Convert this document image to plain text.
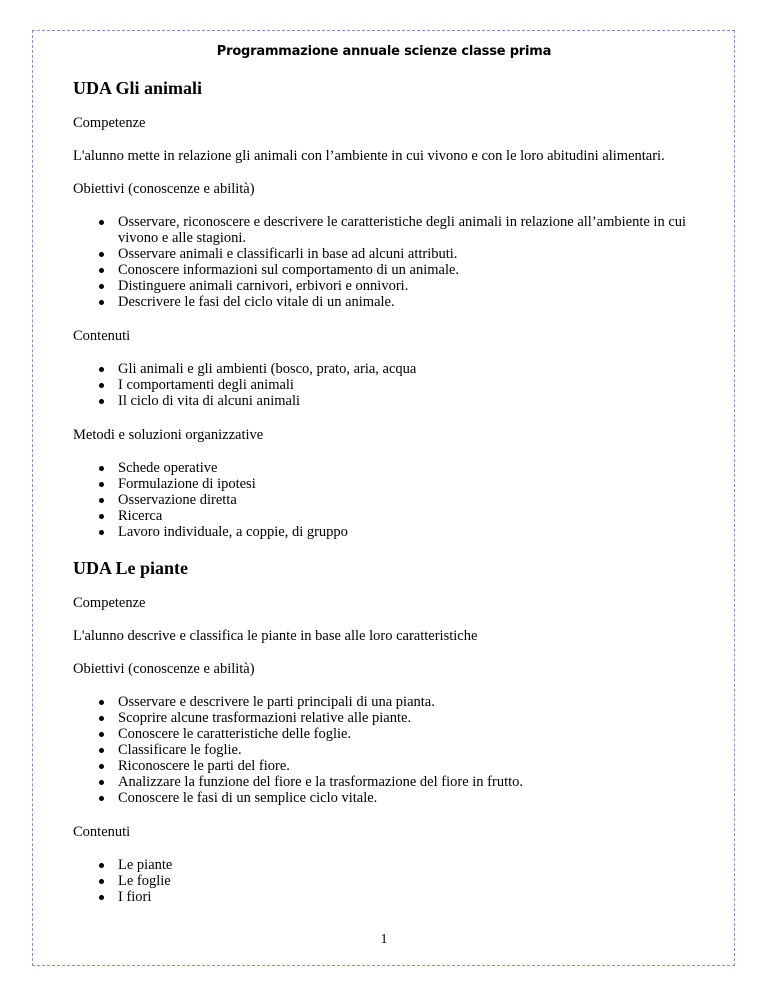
Programmazione annuale scienze classe prima
UDA Gli animali

Competenze

L'alunno mette in relazione gli animali con l’ambiente in cui vivono e con le loro abitudini alimentari.

Obiettivi (conoscenze e abilità)

Osservare, riconoscere e descrivere le caratteristiche degli animali in relazione all’ambiente in cui vivono e alle stagioni.
Osservare animali e classificarli in base ad alcuni attributi.
Conoscere informazioni sul comportamento di un animale.
Distinguere animali carnivori, erbivori e onnivori.
Descrivere le fasi del ciclo vitale di un animale.

Contenuti

Gli animali e gli ambienti (bosco, prato, aria, acqua
I comportamenti degli animali
Il ciclo di vita di alcuni animali

Metodi e soluzioni organizzative

Schede operative
Formulazione di ipotesi
Osservazione diretta
Ricerca
Lavoro individuale, a coppie, di gruppo
UDA Le piante

Competenze

L'alunno descrive e classifica le piante in base alle loro caratteristiche

Obiettivi (conoscenze e abilità)

Osservare e descrivere le parti principali di una pianta.
Scoprire alcune trasformazioni relative alle piante.
Conoscere le caratteristiche delle foglie.
Classificare le foglie.
Riconoscere le parti del fiore.
Analizzare la funzione del fiore e la trasformazione del fiore in frutto.
Conoscere le fasi di un semplice ciclo vitale.

Contenuti

Le piante
Le foglie
I fiori
1
